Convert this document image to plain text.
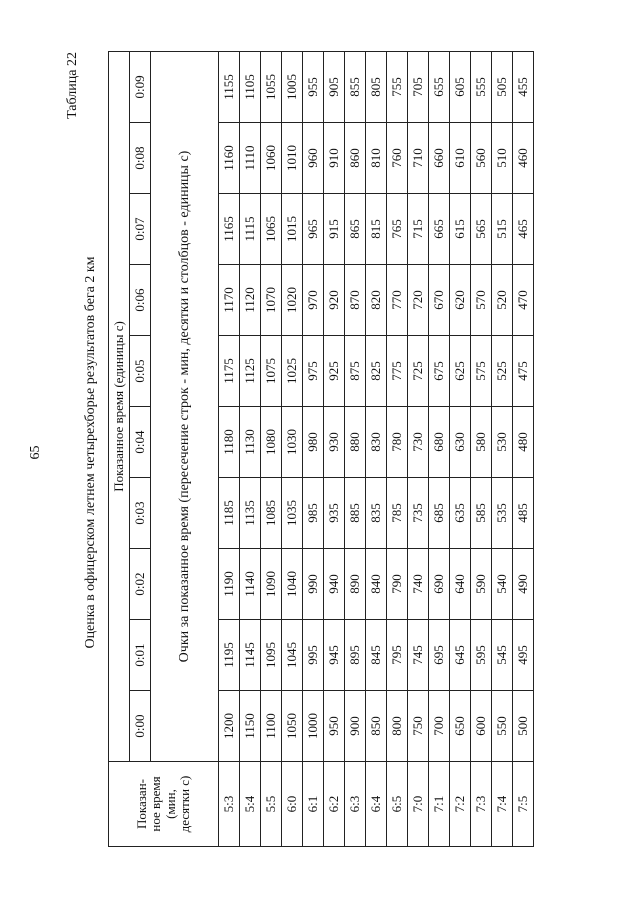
65
Таблица 22
Оценка в офицерском летнем четырехборье результатов бега 2 км
Показан- ное время (мин, десятки с)	Показанное время (единицы с)									
	0:00	0:01	0:02	0:03	0:04	0:05	0:06	0:07	0:08	0:09
	Очки за показанное время (пересечение строк - мин, десятки и столбцов - единицы с)									
5:3	1200	1195	1190	1185	1180	1175	1170	1165	1160	1155
5:4	1150	1145	1140	1135	1130	1125	1120	1115	1110	1105
5:5	1100	1095	1090	1085	1080	1075	1070	1065	1060	1055
6:0	1050	1045	1040	1035	1030	1025	1020	1015	1010	1005
6:1	1000	995	990	985	980	975	970	965	960	955
6:2	950	945	940	935	930	925	920	915	910	905
6:3	900	895	890	885	880	875	870	865	860	855
6:4	850	845	840	835	830	825	820	815	810	805
6:5	800	795	790	785	780	775	770	765	760	755
7:0	750	745	740	735	730	725	720	715	710	705
7:1	700	695	690	685	680	675	670	665	660	655
7:2	650	645	640	635	630	625	620	615	610	605
7:3	600	595	590	585	580	575	570	565	560	555
7:4	550	545	540	535	530	525	520	515	510	505
7:5	500	495	490	485	480	475	470	465	460	455
